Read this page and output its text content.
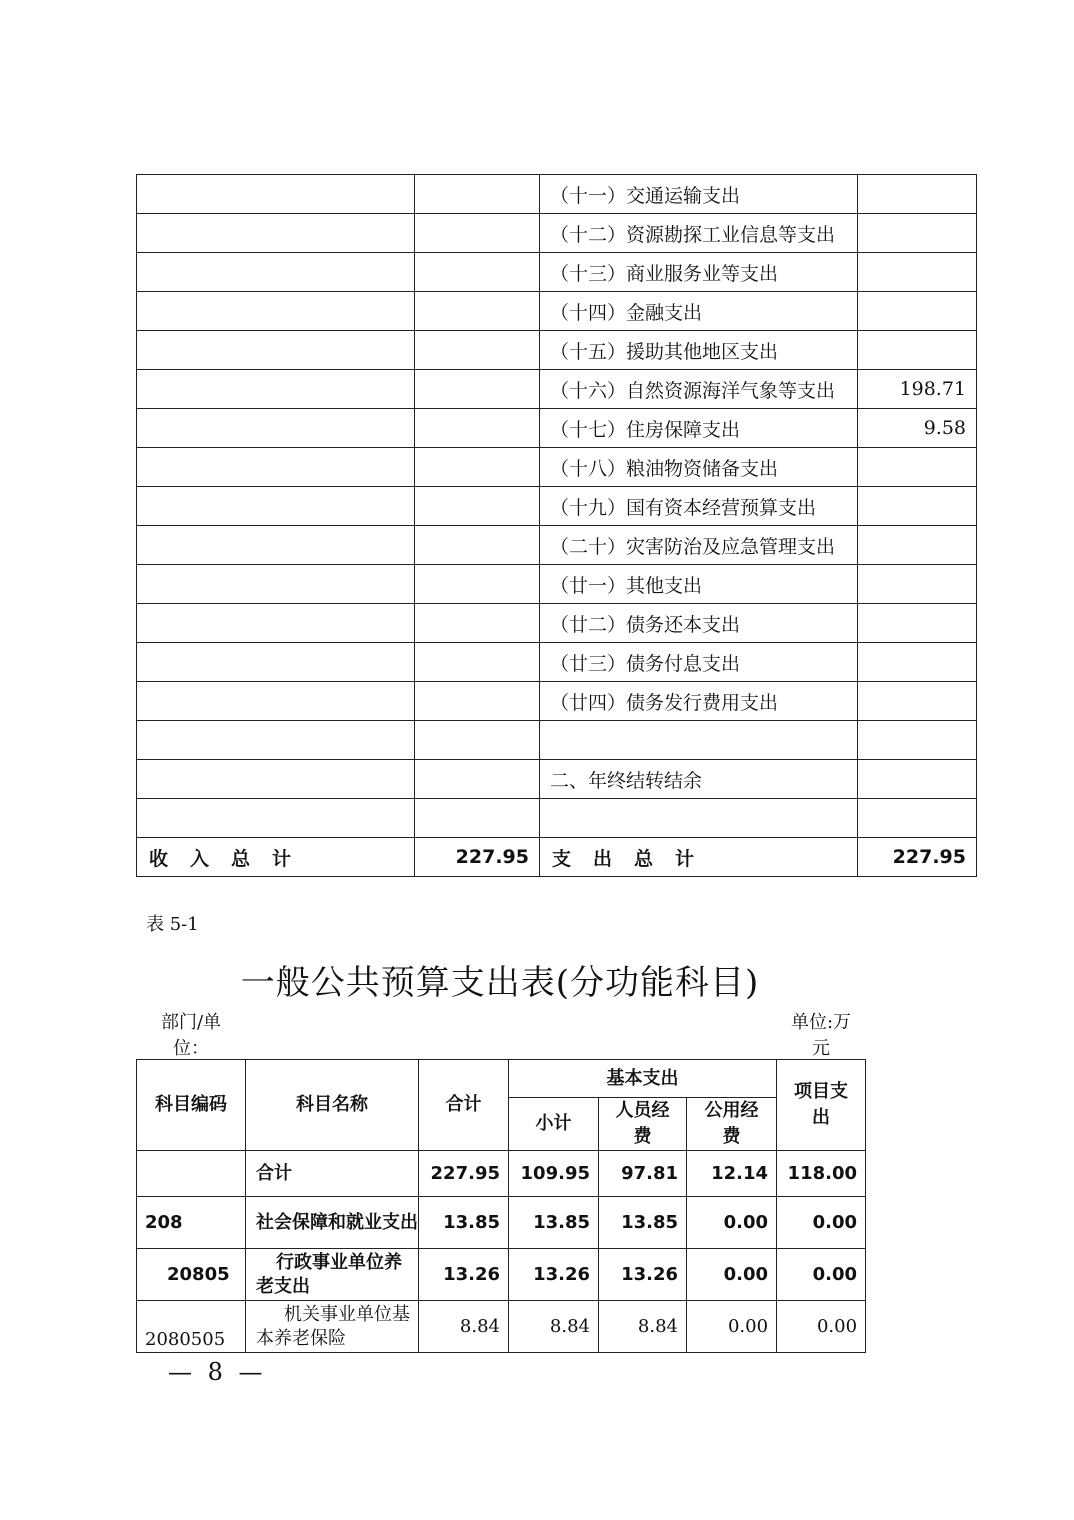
		（十一）交通运输支出	
		（十二）资源勘探工业信息等支出	
		（十三）商业服务业等支出	
		（十四）金融支出	
		（十五）援助其他地区支出	
		（十六）自然资源海洋气象等支出	198.71
		（十七）住房保障支出	9.58
		（十八）粮油物资储备支出	
		（十九）国有资本经营预算支出	
		（二十）灾害防治及应急管理支出	
		（廿一）其他支出	
		（廿二）债务还本支出	
		（廿三）债务付息支出	
		（廿四）债务发行费用支出	

		二、年终结转结余	

收入总计	227.95	支出总计	227.95
表 5-1
一般公共预算支出表(分功能科目)
部门/单位：
单位:万元
科目编码	科目名称	合计	基本支出			项目支出
			小计	人员经费	公用经费	
	合计	227.95	109.95	97.81	12.14	118.00
208	社会保障和就业支出	13.85	13.85	13.85	0.00	0.00
20805	行政事业单位养老支出	13.26	13.26	13.26	0.00	0.00
2080505	机关事业单位基本养老保险	8.84	8.84	8.84	0.00	0.00
— 8 —
